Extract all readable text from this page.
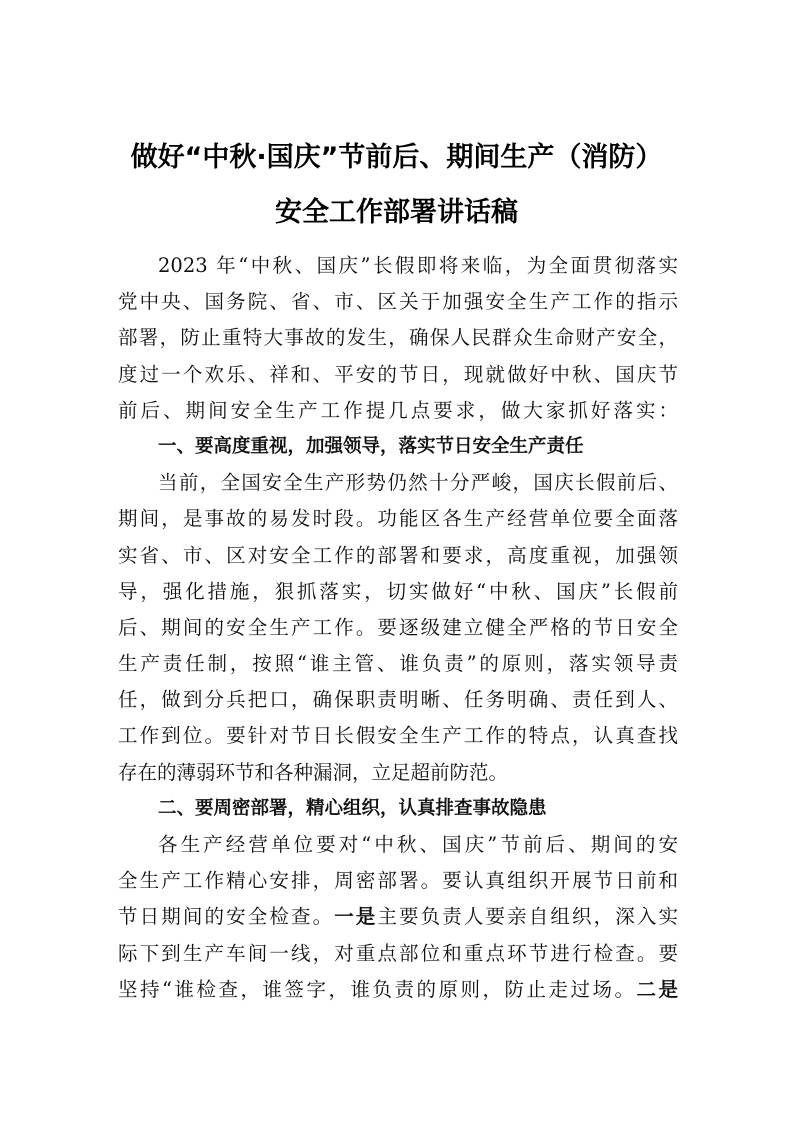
做好“中秋·国庆”节前后、期间生产（消防）
安全工作部署讲话稿
2023 年“中秋、国庆”长假即将来临，为全面贯彻落实
党中央、国务院、省、市、区关于加强安全生产工作的指示
部署，防止重特大事故的发生，确保人民群众生命财产安全，
度过一个欢乐、祥和、平安的节日，现就做好中秋、国庆节
前后、期间安全生产工作提几点要求，做大家抓好落实：
一、要高度重视，加强领导，落实节日安全生产责任
当前，全国安全生产形势仍然十分严峻，国庆长假前后、
期间，是事故的易发时段。功能区各生产经营单位要全面落
实省、市、区对安全工作的部署和要求，高度重视，加强领
导，强化措施，狠抓落实，切实做好“中秋、国庆”长假前
后、期间的安全生产工作。要逐级建立健全严格的节日安全
生产责任制，按照“谁主管、谁负责”的原则，落实领导责
任，做到分兵把口，确保职责明晰、任务明确、责任到人、
工作到位。要针对节日长假安全生产工作的特点，认真查找
存在的薄弱环节和各种漏洞，立足超前防范。
二、要周密部署，精心组织，认真排查事故隐患
各生产经营单位要对“中秋、国庆”节前后、期间的安
全生产工作精心安排，周密部署。要认真组织开展节日前和
节日期间的安全检查。一是主要负责人要亲自组织，深入实
际下到生产车间一线，对重点部位和重点环节进行检查。要
坚持“谁检查，谁签字，谁负责的原则，防止走过场。二是
